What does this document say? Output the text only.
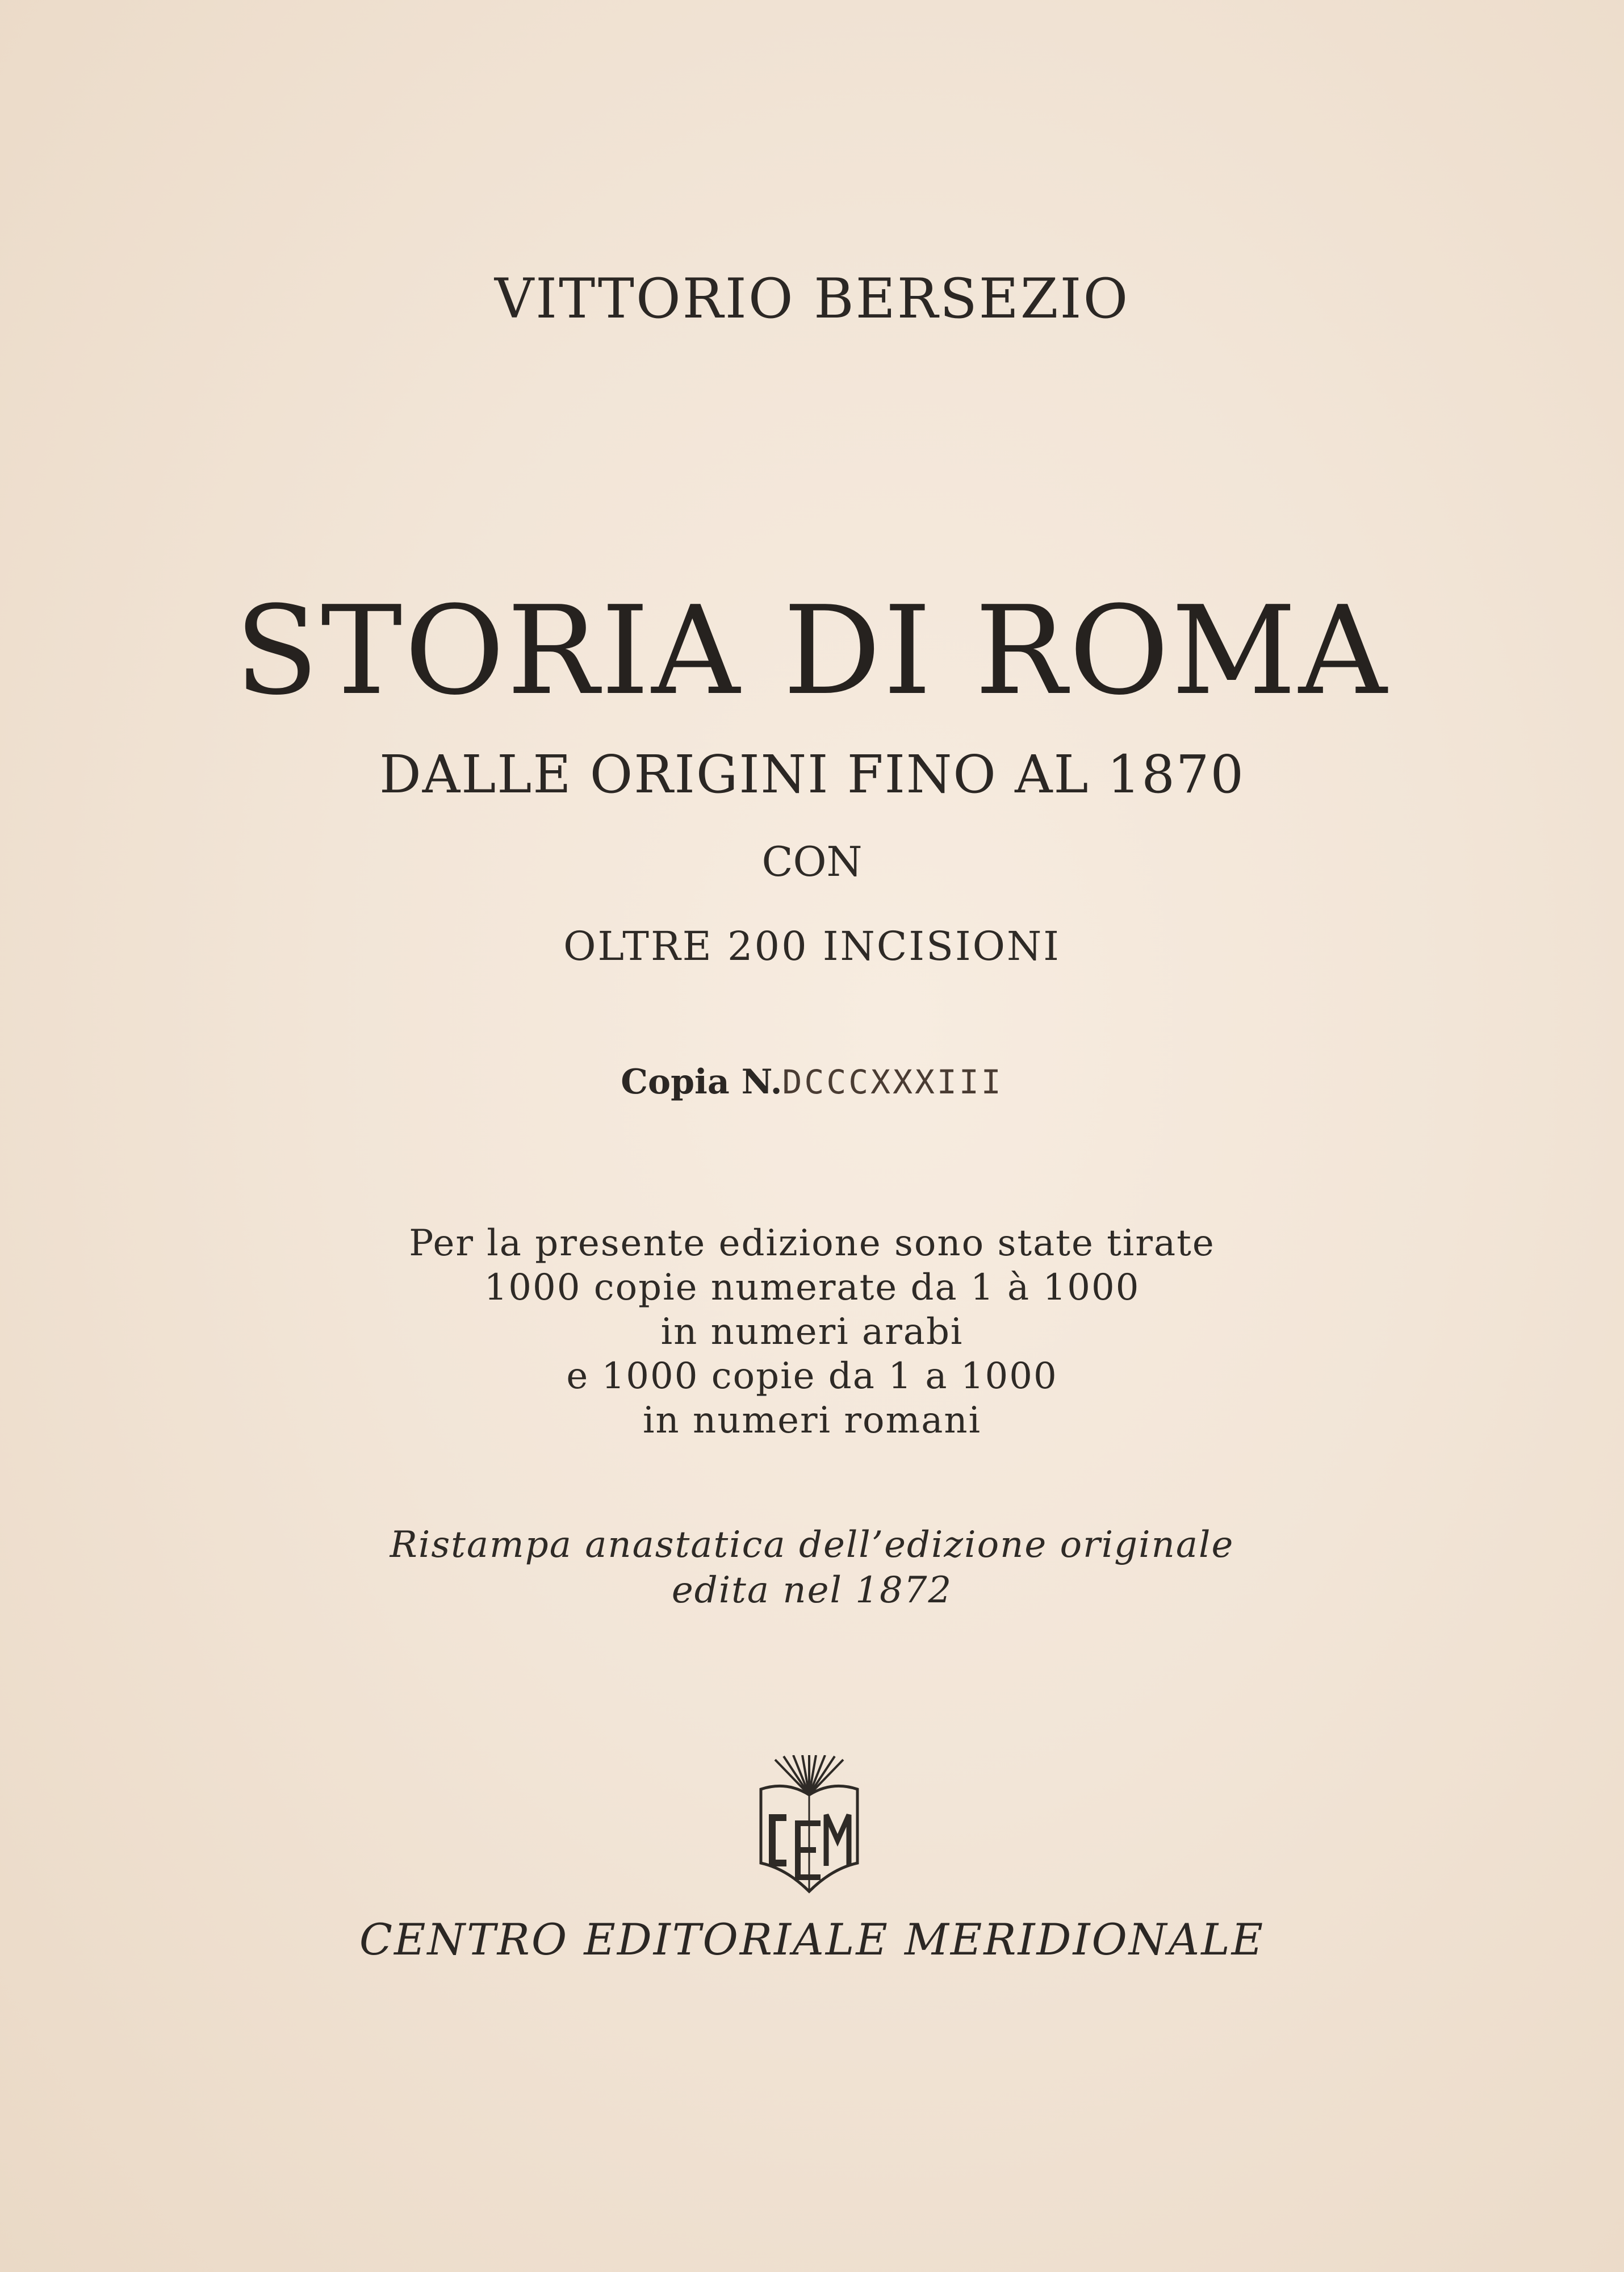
VITTORIO BERSEZIO
STORIA DI ROMA
DALLE ORIGINI FINO AL 1870
CON
OLTRE 200 INCISIONI
Copia N.DCCCXXXIII
Per la presente edizione sono state tirate
1000 copie numerate da 1 à 1000
in numeri arabi
e 1000 copie da 1 a 1000
in numeri romani
Ristampa anastatica dell’edizione originale
edita nel 1872
CENTRO EDITORIALE MERIDIONALE
